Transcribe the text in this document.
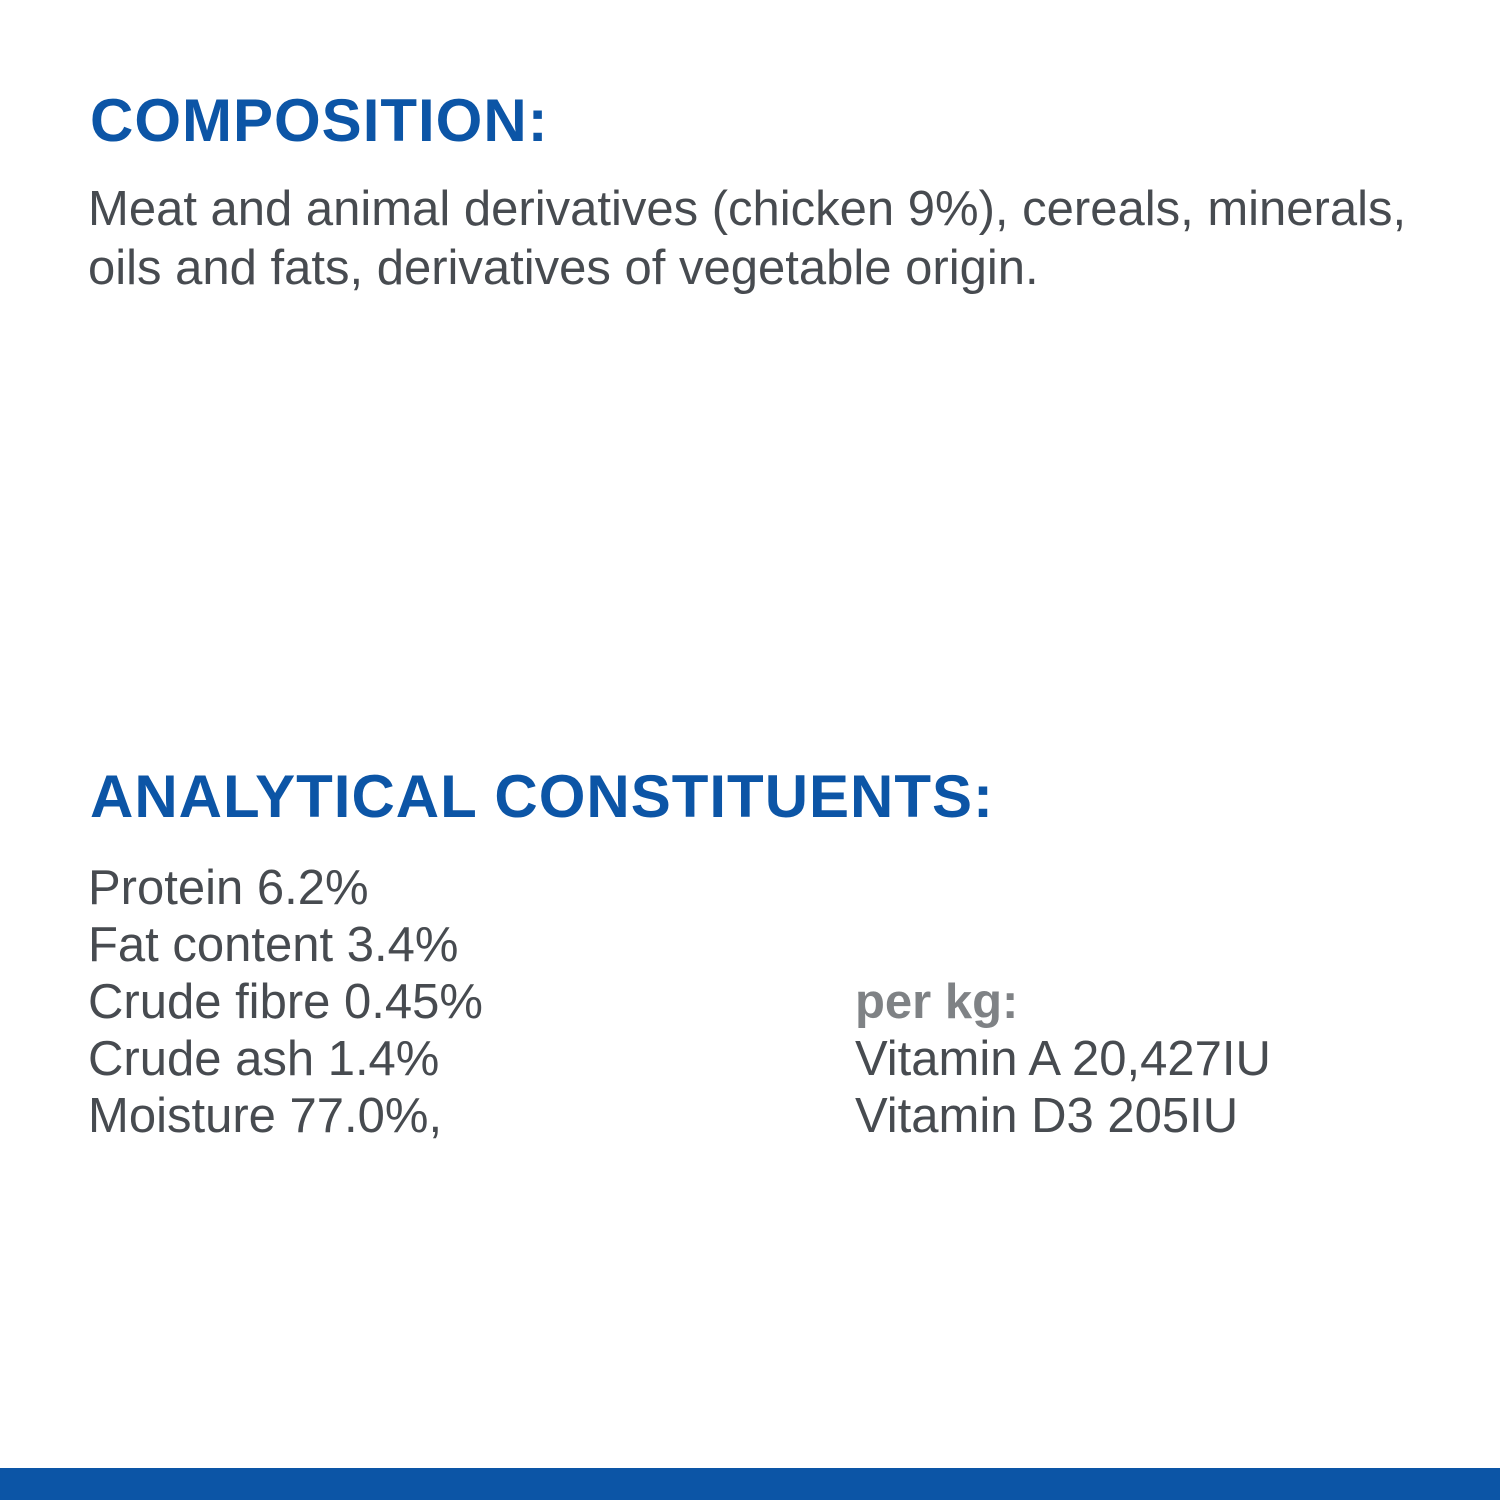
COMPOSITION:

Meat and animal derivatives (chicken 9%), cereals, minerals, oils and fats, derivatives of vegetable origin.

ANALYTICAL CONSTITUENTS:
Protein 6.2%
Fat content 3.4%
Crude fibre 0.45%	per kg:
Crude ash 1.4%	Vitamin A 20,427IU
Moisture 77.0%,	Vitamin D3 205IU
